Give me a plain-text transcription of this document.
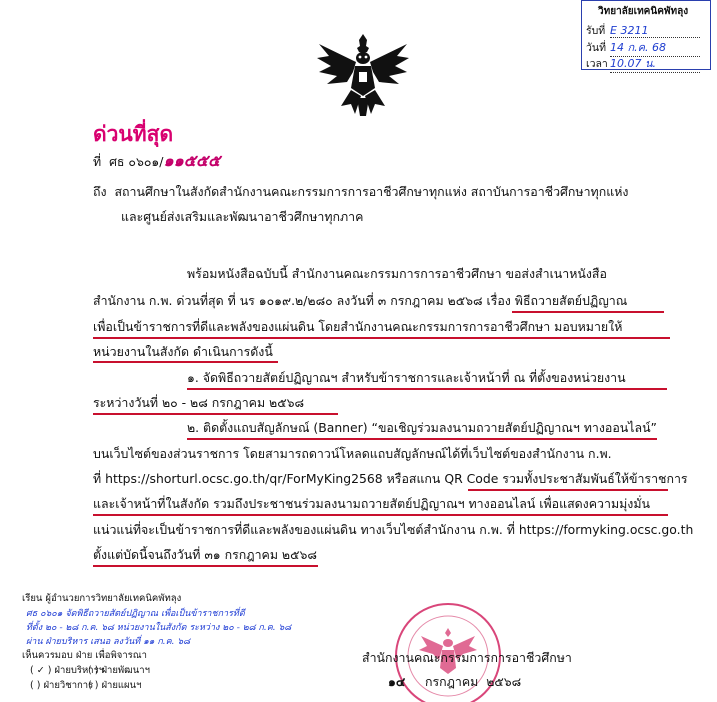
วิทยาลัยเทคนิคพัทลุง
รับที่ E 3211
วันที่ 14 ก.ค. 68
เวลา 10.07 น.
ด่วนที่สุด
ที่ ศธ ๐๖๐๑/๑๑๕๕๕
ถึง สถานศึกษาในสังกัดสำนักงานคณะกรรมการการอาชีวศึกษาทุกแห่ง สถาบันการอาชีวศึกษาทุกแห่ง
และศูนย์ส่งเสริมและพัฒนาอาชีวศึกษาทุกภาค
พร้อมหนังสือฉบับนี้ สำนักงานคณะกรรมการการอาชีวศึกษา ขอส่งสำเนาหนังสือ
สำนักงาน ก.พ. ด่วนที่สุด ที่ นร ๑๐๑๙.๒/๒๘๐ ลงวันที่ ๓ กรกฎาคม ๒๕๖๘ เรื่อง พิธีถวายสัตย์ปฏิญาณ
เพื่อเป็นข้าราชการที่ดีและพลังของแผ่นดิน โดยสำนักงานคณะกรรมการการอาชีวศึกษา มอบหมายให้
หน่วยงานในสังกัด ดำเนินการดังนี้
๑. จัดพิธีถวายสัตย์ปฏิญาณฯ สำหรับข้าราชการและเจ้าหน้าที่ ณ ที่ตั้งของหน่วยงาน
ระหว่างวันที่ ๒๐ - ๒๘ กรกฎาคม ๒๕๖๘
๒. ติดตั้งแถบสัญลักษณ์ (Banner) “ขอเชิญร่วมลงนามถวายสัตย์ปฏิญาณฯ ทางออนไลน์”
บนเว็บไซต์ของส่วนราชการ โดยสามารถดาวน์โหลดแถบสัญลักษณ์ได้ที่เว็บไซต์ของสำนักงาน ก.พ.
ที่ https://shorturl.ocsc.go.th/qr/ForMyKing2568 หรือสแกน QR Code รวมทั้งประชาสัมพันธ์ให้ข้าราชการ
และเจ้าหน้าที่ในสังกัด รวมถึงประชาชนร่วมลงนามถวายสัตย์ปฏิญาณฯ ทางออนไลน์ เพื่อแสดงความมุ่งมั่น
แน่วแน่ที่จะเป็นข้าราชการที่ดีและพลังของแผ่นดิน ทางเว็บไซต์สำนักงาน ก.พ. ที่ https://formyking.ocsc.go.th
ตั้งแต่บัดนี้จนถึงวันที่ ๓๑ กรกฎาคม ๒๕๖๘
เรียน ผู้อำนวยการวิทยาลัยเทคนิคพัทลุง
ศธ ๐๖๐๑ จัดพิธีถวายสัตย์ปฏิญาณ เพื่อเป็นข้าราชการที่ดี
ที่ตั้ง ๒๐ - ๒๘ ก.ค. ๖๘ หน่วยงานในสังกัด ระหว่าง ๒๐ - ๒๘ ก.ค. ๖๘
ผ่าน ฝ่ายบริหาร เสนอ ลงวันที่ ๑๑ ก.ค. ๖๘
เห็นควรมอบ ฝ่าย เพื่อพิจารณา
( ✓ ) ฝ่ายบริหารฯ
( ) ฝ่ายพัฒนาฯ
( ) ฝ่ายวิชาการ
( ) ฝ่ายแผนฯ
สำนักงานคณะกรรมการการอาชีวศึกษา
๑๔ กรกฎาคม ๒๕๖๘
